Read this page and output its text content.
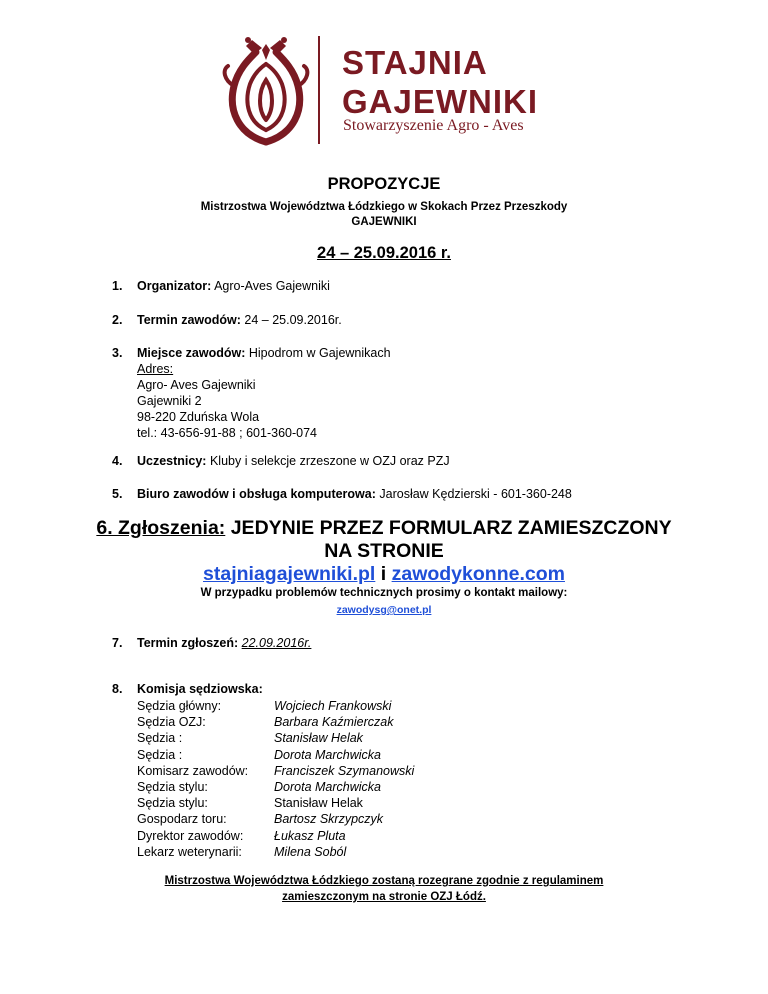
STAJNIA
GAJEWNIKI
Stowarzyszenie Agro - Aves
PROPOZYCJE
Mistrzostwa Województwa Łódzkiego w Skokach Przez Przeszkody
GAJEWNIKI
24 – 25.09.2016 r.
1. Organizator: Agro-Aves Gajewniki
2. Termin zawodów: 24 – 25.09.2016r.
3. Miejsce zawodów: Hipodrom w Gajewnikach
Adres:
Agro- Aves Gajewniki
Gajewniki 2
98-220 Zduńska Wola
tel.: 43-656-91-88 ; 601-360-074
4. Uczestnicy: Kluby i selekcje zrzeszone w OZJ oraz PZJ
5. Biuro zawodów i obsługa komputerowa: Jarosław Kędzierski - 601-360-248
6. Zgłoszenia: JEDYNIE PRZEZ FORMULARZ ZAMIESZCZONY
NA STRONIE
stajniagajewniki.pl i zawodykonne.com
W przypadku problemów technicznych prosimy o kontakt mailowy:
zawodysg@onet.pl
7. Termin zgłoszeń: 22.09.2016r.
8. Komisja sędziowska:
Sędzia główny:
Sędzia OZJ:
Sędzia :
Sędzia :
Komisarz zawodów:
Sędzia stylu:
Sędzia stylu:
Gospodarz toru:
Dyrektor zawodów:
Lekarz weterynarii:
Wojciech Frankowski
Barbara Kaźmierczak
Stanisław Helak
Dorota Marchwicka
Franciszek Szymanowski
Dorota Marchwicka
Stanisław Helak
Bartosz Skrzypczyk
Łukasz Pluta
Milena Soból
Mistrzostwa Województwa Łódzkiego zostaną rozegrane zgodnie z regulaminem
zamieszczonym na stronie OZJ Łódź.
